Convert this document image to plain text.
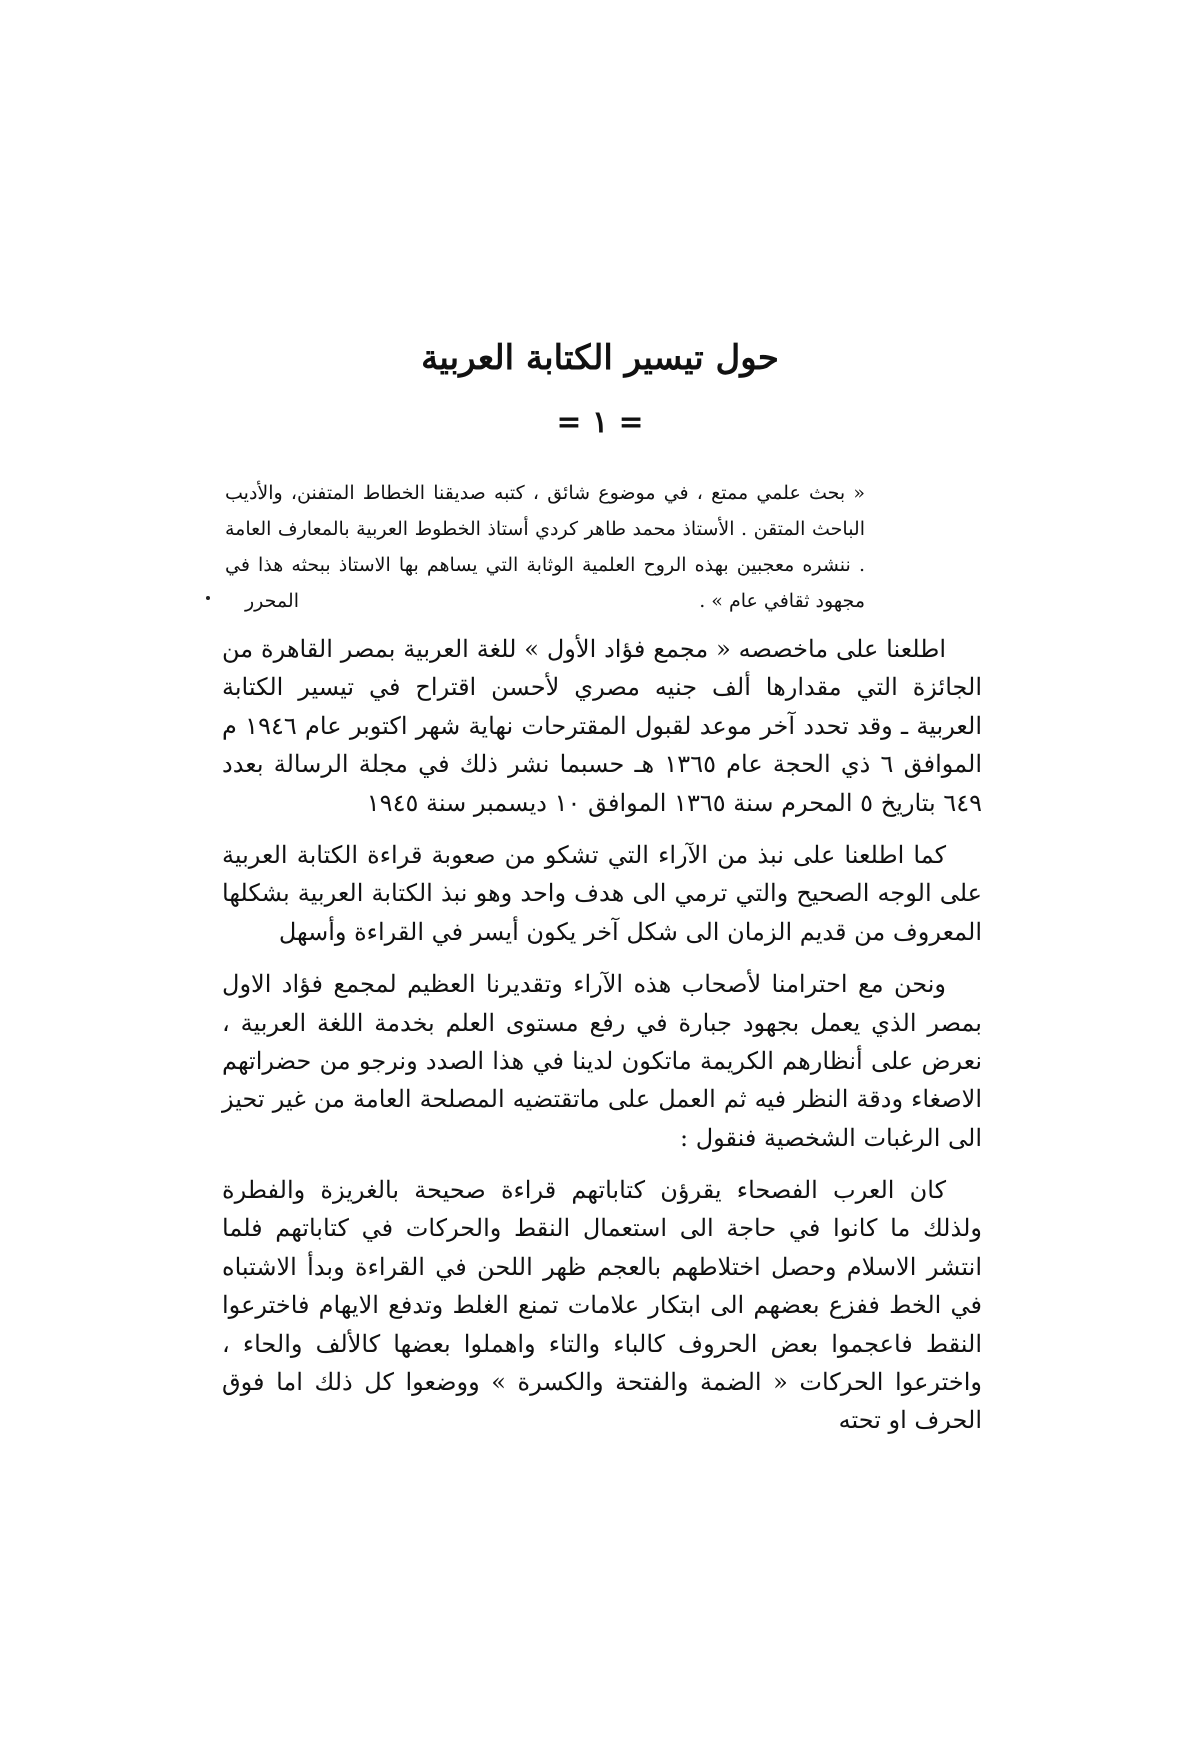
حول تيسير الكتابة العربية
= ١ =
« بحث علمي ممتع ، في موضوع شائق ، كتبه صديقنا الخطاط المتفنن، والأديب الباحث المتقن . الأستاذ محمد طاهر كردي أستاذ الخطوط العربية بالمعارف العامة . ننشره معجبين بهذه الروح العلمية الوثابة التي يساهم بها الاستاذ ببحثه هذا في مجهود ثقافي عام » .
المحرر

اطلعنا على ماخصصه « مجمع فؤاد الأول » للغة العربية بمصر القاهرة من الجائزة التي مقدارها ألف جنيه مصري لأحسن اقتراح في تيسير الكتابة العربية ـ وقد تحدد آخر موعد لقبول المقترحات نهاية شهر اكتوبر عام ١٩٤٦ م الموافق ٦ ذي الحجة عام ١٣٦٥ هـ حسبما نشر ذلك في مجلة الرسالة بعدد ٦٤٩ بتاريخ ٥ المحرم سنة ١٣٦٥ الموافق ١٠ ديسمبر سنة ١٩٤٥

كما اطلعنا على نبذ من الآراء التي تشكو من صعوبة قراءة الكتابة العربية على الوجه الصحيح والتي ترمي الى هدف واحد وهو نبذ الكتابة العربية بشكلها المعروف من قديم الزمان الى شكل آخر يكون أيسر في القراءة وأسهل

ونحن مع احترامنا لأصحاب هذه الآراء وتقديرنا العظيم لمجمع فؤاد الاول بمصر الذي يعمل بجهود جبارة في رفع مستوى العلم بخدمة اللغة العربية ، نعرض على أنظارهم الكريمة ماتكون لدينا في هذا الصدد ونرجو من حضراتهم الاصغاء ودقة النظر فيه ثم العمل على ماتقتضيه المصلحة العامة من غير تحيز الى الرغبات الشخصية فنقول :

كان العرب الفصحاء يقرؤن كتاباتهم قراءة صحيحة بالغريزة والفطرة ولذلك ما كانوا في حاجة الى استعمال النقط والحركات في كتاباتهم فلما انتشر الاسلام وحصل اختلاطهم بالعجم ظهر اللحن في القراءة وبدأ الاشتباه في الخط ففزع بعضهم الى ابتكار علامات تمنع الغلط وتدفع الايهام فاخترعوا النقط فاعجموا بعض الحروف كالباء والتاء واهملوا بعضها كالألف والحاء ، واخترعوا الحركات « الضمة والفتحة والكسرة » ووضعوا كل ذلك اما فوق الحرف او تحته
